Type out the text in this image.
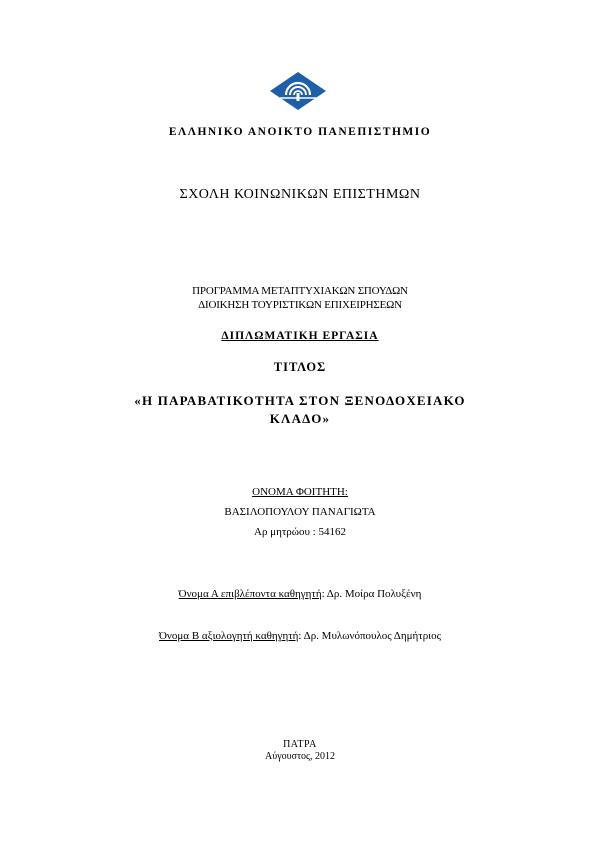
ΕΛΛΗΝΙΚΟ ΑΝΟΙΚΤΟ ΠΑΝΕΠΙΣΤΗΜΙΟ
ΣΧΟΛΗ ΚΟΙΝΩΝΙΚΩΝ ΕΠΙΣΤΗΜΩΝ
ΠΡΟΓΡΑΜΜΑ ΜΕΤΑΠΤΥΧΙΑΚΩΝ ΣΠΟΥΔΩΝ
ΔΙΟΙΚΗΣΗ ΤΟΥΡΙΣΤΙΚΩΝ ΕΠΙΧΕΙΡΗΣΕΩΝ
ΔΙΠΛΩΜΑΤΙΚΗ ΕΡΓΑΣΙΑ
ΤΙΤΛΟΣ
«Η ΠΑΡΑΒΑΤΙΚΟΤΗΤΑ ΣΤΟΝ ΞΕΝΟΔΟΧΕΙΑΚΟ
ΚΛΑΔΟ»
ΟΝΟΜΑ ΦΟΙΤΗΤΗ:
ΒΑΣΙΛΟΠΟΥΛΟΥ ΠΑΝΑΓΙΩΤΑ
Αρ μητρώου : 54162
Όνομα Α επιβλέποντα καθηγητή: Δρ. Μοίρα Πολυξένη
Όνομα Β αξιολογητή καθηγητή: Δρ. Μυλωνόπουλος Δημήτριος
ΠΑΤΡΑ
Αύγουστος, 2012
